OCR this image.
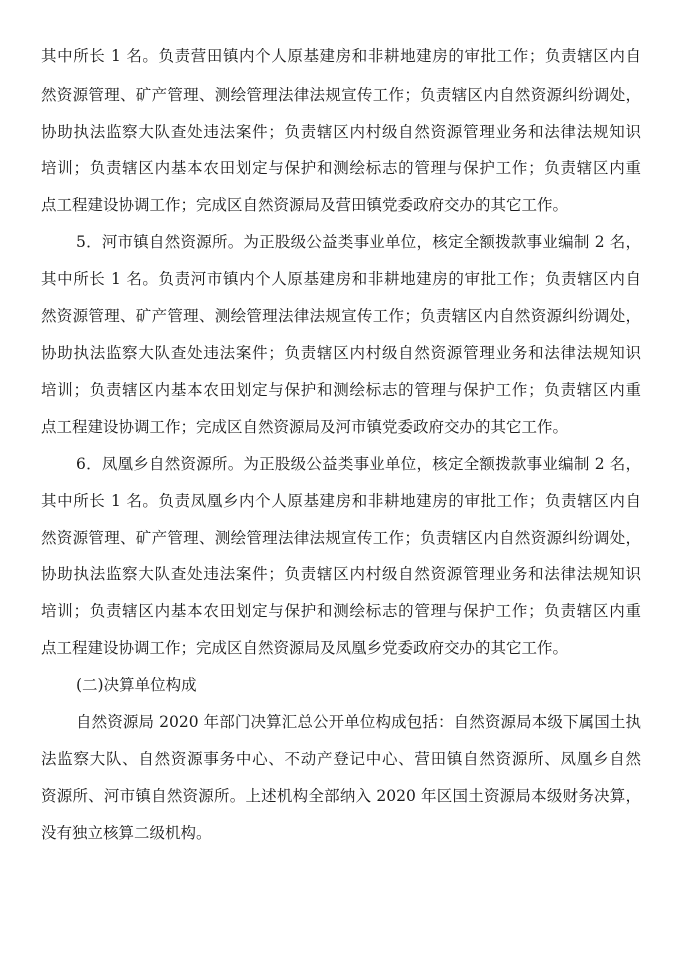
其中所长 1 名。负责营田镇内个人原基建房和非耕地建房的审批工作；负责辖区内自
然资源管理、矿产管理、测绘管理法律法规宣传工作；负责辖区内自然资源纠纷调处，
协助执法监察大队查处违法案件；负责辖区内村级自然资源管理业务和法律法规知识
培训；负责辖区内基本农田划定与保护和测绘标志的管理与保护工作；负责辖区内重
点工程建设协调工作；完成区自然资源局及营田镇党委政府交办的其它工作。
5．河市镇自然资源所。为正股级公益类事业单位，核定全额拨款事业编制 2 名，
其中所长 1 名。负责河市镇内个人原基建房和非耕地建房的审批工作；负责辖区内自
然资源管理、矿产管理、测绘管理法律法规宣传工作；负责辖区内自然资源纠纷调处，
协助执法监察大队查处违法案件；负责辖区内村级自然资源管理业务和法律法规知识
培训；负责辖区内基本农田划定与保护和测绘标志的管理与保护工作；负责辖区内重
点工程建设协调工作；完成区自然资源局及河市镇党委政府交办的其它工作。
6．凤凰乡自然资源所。为正股级公益类事业单位，核定全额拨款事业编制 2 名，
其中所长 1 名。负责凤凰乡内个人原基建房和非耕地建房的审批工作；负责辖区内自
然资源管理、矿产管理、测绘管理法律法规宣传工作；负责辖区内自然资源纠纷调处，
协助执法监察大队查处违法案件；负责辖区内村级自然资源管理业务和法律法规知识
培训；负责辖区内基本农田划定与保护和测绘标志的管理与保护工作；负责辖区内重
点工程建设协调工作；完成区自然资源局及凤凰乡党委政府交办的其它工作。
(二)决算单位构成
自然资源局 2020 年部门决算汇总公开单位构成包括：自然资源局本级下属国土执
法监察大队、自然资源事务中心、不动产登记中心、营田镇自然资源所、凤凰乡自然
资源所、河市镇自然资源所。上述机构全部纳入 2020 年区国土资源局本级财务决算，
没有独立核算二级机构。
